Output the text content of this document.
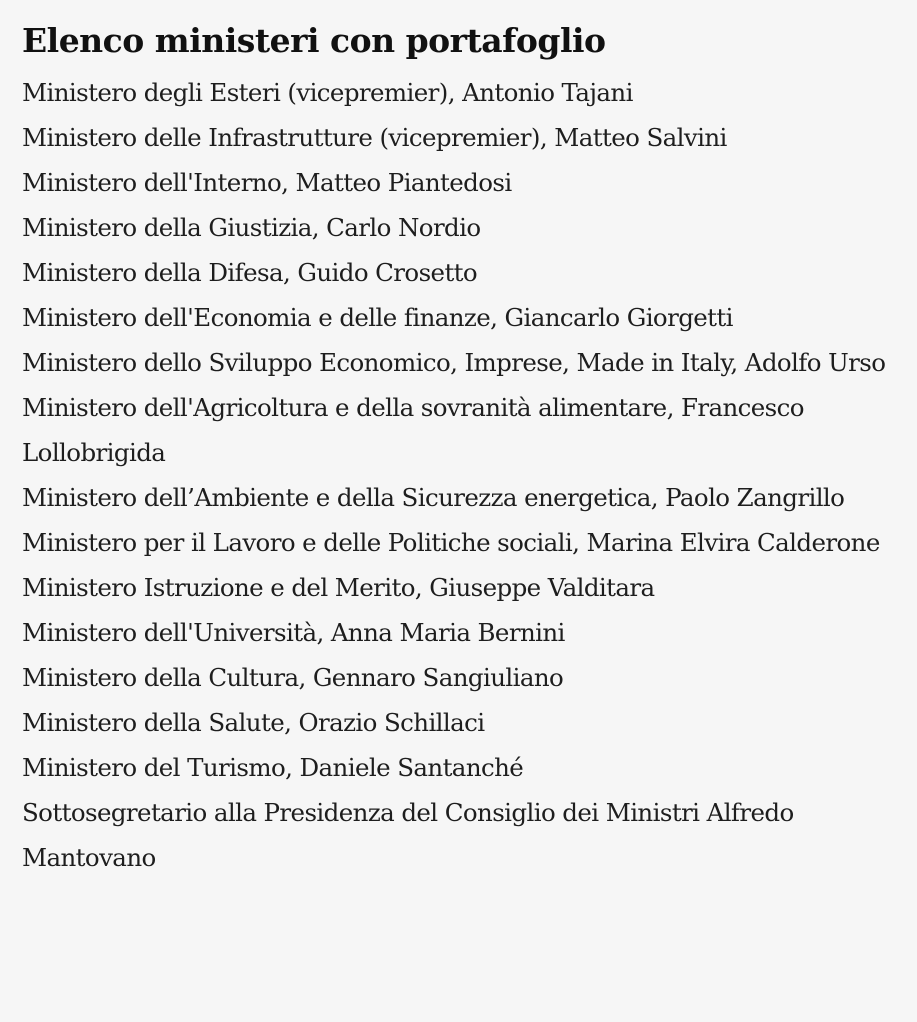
Elenco ministeri con portafoglio
Ministero degli Esteri (vicepremier), Antonio Tajani
Ministero delle Infrastrutture (vicepremier), Matteo Salvini
Ministero dell'Interno, Matteo Piantedosi
Ministero della Giustizia, Carlo Nordio
Ministero della Difesa, Guido Crosetto
Ministero dell'Economia e delle finanze, Giancarlo Giorgetti
Ministero dello Sviluppo Economico, Imprese, Made in Italy, Adolfo Urso
Ministero dell'Agricoltura e della sovranità alimentare, Francesco Lollobrigida
Ministero dell’Ambiente e della Sicurezza energetica, Paolo Zangrillo
Ministero per il Lavoro e delle Politiche sociali, Marina Elvira Calderone
Ministero Istruzione e del Merito, Giuseppe Valditara
Ministero dell'Università, Anna Maria Bernini
Ministero della Cultura, Gennaro Sangiuliano
Ministero della Salute, Orazio Schillaci
Ministero del Turismo, Daniele Santanché
Sottosegretario alla Presidenza del Consiglio dei Ministri Alfredo Mantovano
